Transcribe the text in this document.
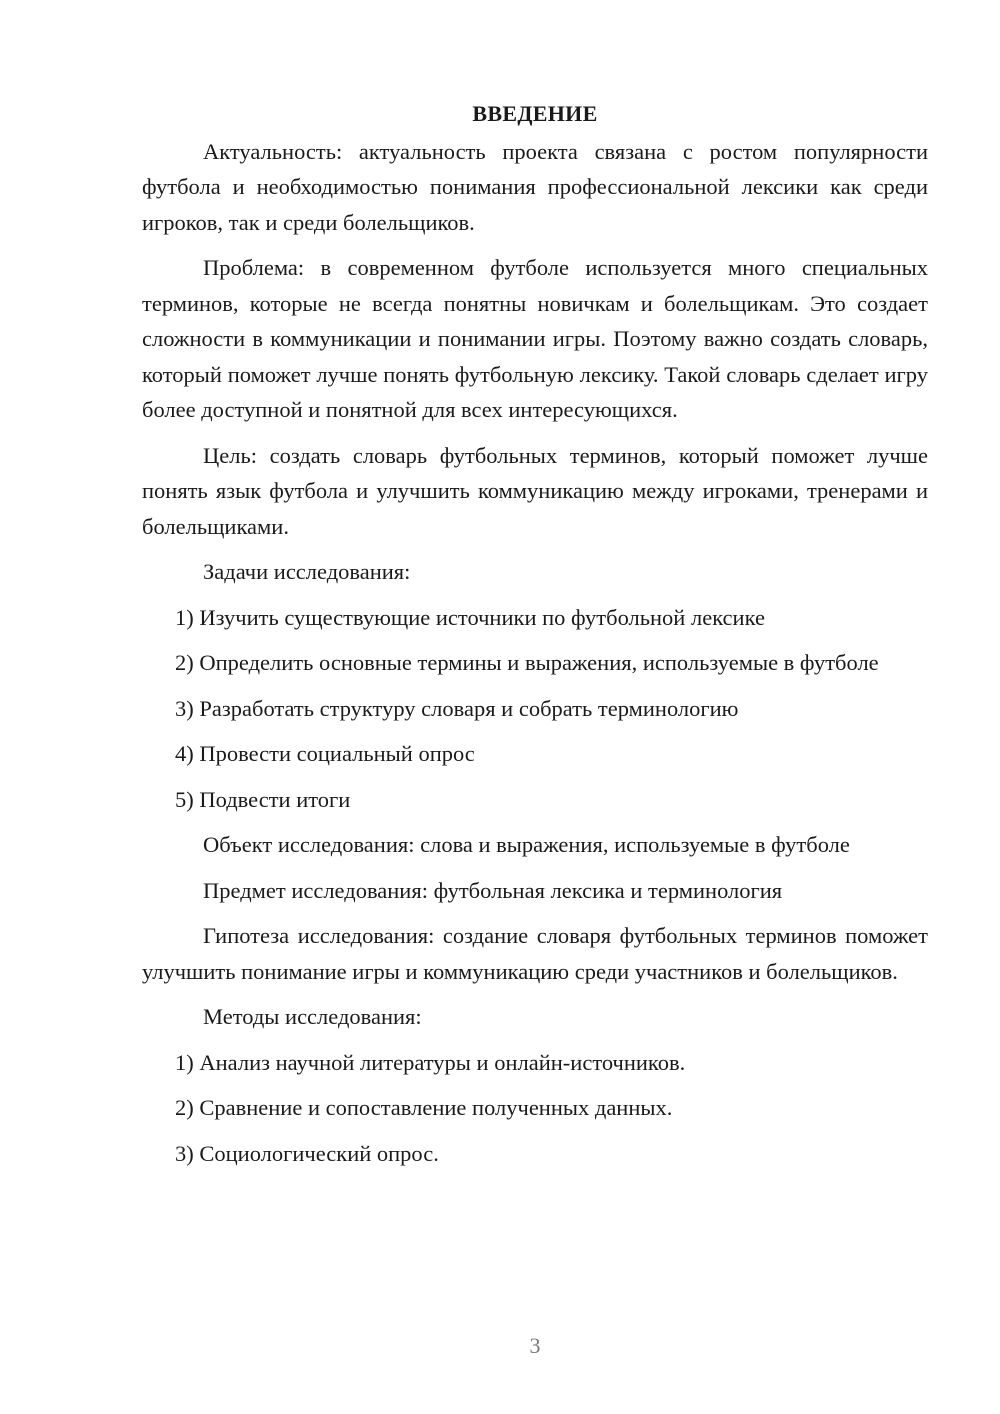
ВВЕДЕНИЕ

Актуальность: актуальность проекта связана с ростом популярности футбола и необходимостью понимания профессиональной лексики как среди игроков, так и среди болельщиков.

Проблема: в современном футболе используется много специальных терминов, которые не всегда понятны новичкам и болельщикам. Это создает сложности в коммуникации и понимании игры. Поэтому важно создать словарь, который поможет лучше понять футбольную лексику. Такой словарь сделает игру более доступной и понятной для всех интересующихся.

Цель: создать словарь футбольных терминов, который поможет лучше понять язык футбола и улучшить коммуникацию между игроками, тренерами и болельщиками.

Задачи исследования:

1) Изучить существующие источники по футбольной лексике

2) Определить основные термины и выражения, используемые в футболе

3) Разработать структуру словаря и собрать терминологию

4) Провести социальный опрос

5) Подвести итоги

Объект исследования: слова и выражения, используемые в футболе

Предмет исследования: футбольная лексика и терминология

Гипотеза исследования: создание словаря футбольных терминов поможет улучшить понимание игры и коммуникацию среди участников и болельщиков.

Методы исследования:

1) Анализ научной литературы и онлайн-источников.

2) Сравнение и сопоставление полученных данных.

3) Социологический опрос.

3
